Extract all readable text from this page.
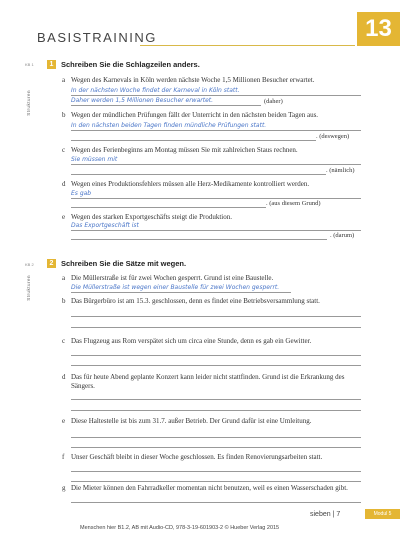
BASISTRAINING	13
KB 1
Strukturen
1	Schreiben Sie die Schlagzeilen anders.
a Wegen des Karnevals in Köln werden nächste Woche 1,5 Millionen Besucher erwartet.
In der nächsten Woche findet der Karneval in Köln statt.
Daher werden 1,5 Millionen Besucher erwartet.	(daher)
b Wegen der mündlichen Prüfungen fällt der Unterricht in den nächsten beiden Tagen aus.
In den nächsten beiden Tagen finden mündliche Prüfungen statt.
. (deswegen)
c Wegen des Ferienbeginns am Montag müssen Sie mit zahlreichen Staus rechnen.
Sie müssen mit
. (nämlich)
d Wegen eines Produktionsfehlers müssen alle Herz-Medikamente kontrolliert werden.
Es gab
. (aus diesem Grund)
e Wegen des starken Exportgeschäfts steigt die Produktion.
Das Exportgeschäft ist
. (darum)
KB 2
Strukturen
2	Schreiben Sie die Sätze mit wegen.
a Die Müllerstraße ist für zwei Wochen gesperrt. Grund ist eine Baustelle.
Die Müllerstraße ist wegen einer Baustelle für zwei Wochen gesperrt.
b Das Bürgerbüro ist am 15.3. geschlossen, denn es findet eine Betriebsversammlung statt.
c Das Flugzeug aus Rom verspätet sich um circa eine Stunde, denn es gab ein Gewitter.
d Das für heute Abend geplante Konzert kann leider nicht stattfinden. Grund ist die Erkrankung des Sängers.
e Diese Haltestelle ist bis zum 31.7. außer Betrieb. Der Grund dafür ist eine Umleitung.
f Unser Geschäft bleibt in dieser Woche geschlossen. Es finden Renovierungsarbeiten statt.
g Die Mieter können den Fahrradkeller momentan nicht benutzen, weil es einen Wasserschaden gibt.
sieben | 7	Modul 5
Menschen hier B1.2, AB mit Audio-CD, 978-3-19-601903-2 © Hueber Verlag 2015
